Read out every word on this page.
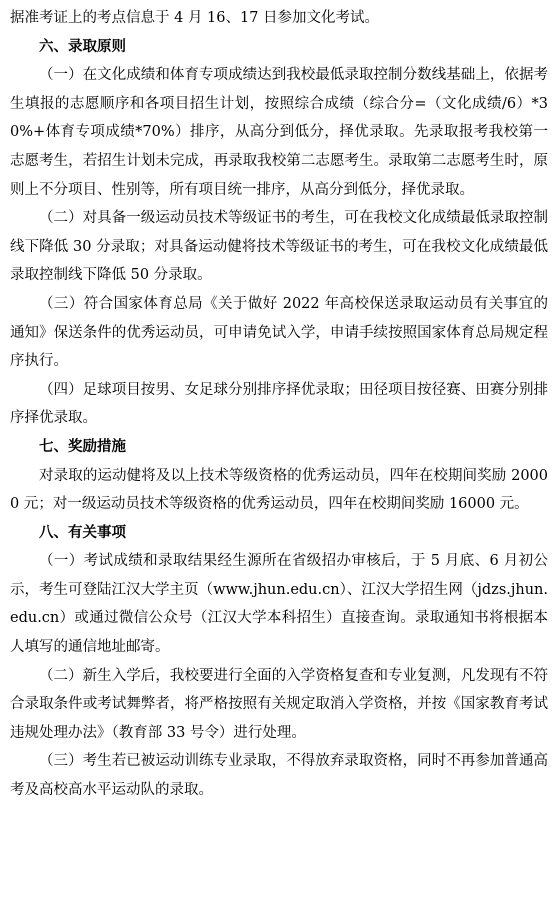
据准考证上的考点信息于 4 月 16、17 日参加文化考试。

六、录取原则

（一）在文化成绩和体育专项成绩达到我校最低录取控制分数线基础上，依据考生填报的志愿顺序和各项目招生计划，按照综合成绩（综合分=（文化成绩/6）*30%+体育专项成绩*70%）排序，从高分到低分，择优录取。先录取报考我校第一志愿考生，若招生计划未完成，再录取我校第二志愿考生。录取第二志愿考生时，原则上不分项目、性别等，所有项目统一排序，从高分到低分，择优录取。

（二）对具备一级运动员技术等级证书的考生，可在我校文化成绩最低录取控制线下降低 30 分录取；对具备运动健将技术等级证书的考生，可在我校文化成绩最低录取控制线下降低 50 分录取。

（三）符合国家体育总局《关于做好 2022 年高校保送录取运动员有关事宜的通知》保送条件的优秀运动员，可申请免试入学，申请手续按照国家体育总局规定程序执行。

（四）足球项目按男、女足球分别排序择优录取；田径项目按径赛、田赛分别排序择优录取。

七、奖励措施

对录取的运动健将及以上技术等级资格的优秀运动员，四年在校期间奖励 20000 元；对一级运动员技术等级资格的优秀运动员，四年在校期间奖励 16000 元。

八、有关事项

（一）考试成绩和录取结果经生源所在省级招办审核后，于 5 月底、6 月初公示，考生可登陆江汉大学主页（www.jhun.edu.cn）、江汉大学招生网（jdzs.jhun.edu.cn）或通过微信公众号（江汉大学本科招生）直接查询。录取通知书将根据本人填写的通信地址邮寄。

（二）新生入学后，我校要进行全面的入学资格复查和专业复测，凡发现有不符合录取条件或考试舞弊者，将严格按照有关规定取消入学资格，并按《国家教育考试违规处理办法》（教育部 33 号令）进行处理。

（三）考生若已被运动训练专业录取，不得放弃录取资格，同时不再参加普通高考及高校高水平运动队的录取。
